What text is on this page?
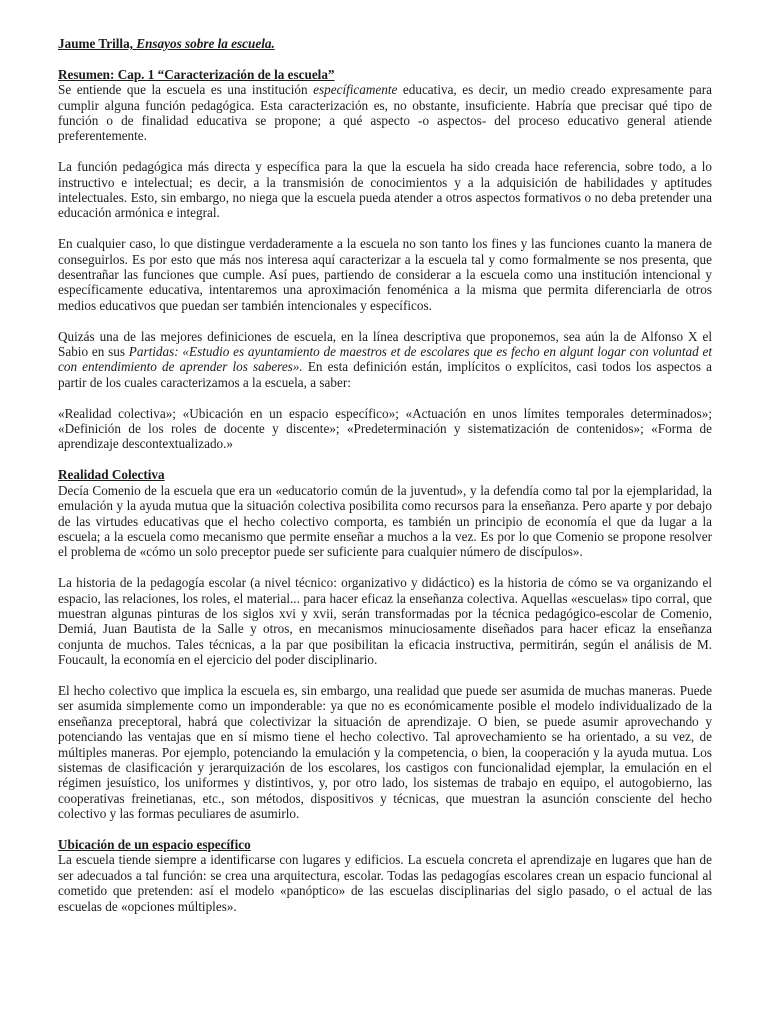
Jaume Trilla, Ensayos sobre la escuela.

Resumen: Cap. 1 “Caracterización de la escuela”

Se entiende que la escuela es una institución específicamente educativa, es decir, un medio creado expresamente para cumplir alguna función pedagógica. Esta caracterización es, no obstante, insuficiente. Habría que precisar qué tipo de función o de finalidad educativa se propone; a qué aspecto -o aspectos- del proceso educativo general atiende preferentemente.

La función pedagógica más directa y específica para la que la escuela ha sido creada hace referencia, sobre todo, a lo instructivo e intelectual; es decir, a la transmisión de conocimientos y a la adquisición de habilidades y aptitudes intelectuales. Esto, sin embargo, no niega que la escuela pueda atender a otros aspectos formativos o no deba pretender una educación armónica e integral.

En cualquier caso, lo que distingue verdaderamente a la escuela no son tanto los fines y las funciones cuanto la manera de conseguirlos. Es por esto que más nos interesa aquí caracterizar a la escuela tal y como formalmente se nos presenta, que desentrañar las funciones que cumple. Así pues, partiendo de considerar a la escuela como una institución intencional y específicamente educativa, intentaremos una aproximación fenoménica a la misma que permita diferenciarla de otros medios educativos que puedan ser también intencionales y específicos.

Quizás una de las mejores definiciones de escuela, en la línea descriptiva que proponemos, sea aún la de Alfonso X el Sabio en sus Partidas: «Estudio es ayuntamiento de maestros et de escolares que es fecho en algunt logar con voluntad et con entendimiento de aprender los saberes». En esta definición están, implícitos o explícitos, casi todos los aspectos a partir de los cuales caracterizamos a la escuela, a saber:

«Realidad colectiva»; «Ubicación en un espacio específico»; «Actuación en unos límites temporales determinados»; «Definición de los roles de docente y discente»; «Predeterminación y sistematización de contenidos»; «Forma de aprendizaje descontextualizado.»

Realidad Colectiva

Decía Comenio de la escuela que era un «educatorio común de la juventud», y la defendía como tal por la ejemplaridad, la emulación y la ayuda mutua que la situación colectiva posibilita como recursos para la enseñanza. Pero aparte y por debajo de las virtudes educativas que el hecho colectivo comporta, es también un principio de economía el que da lugar a la escuela; a la escuela como mecanismo que permite enseñar a muchos a la vez. Es por lo que Comenio se propone resolver el problema de «cómo un solo preceptor puede ser suficiente para cualquier número de discípulos».

La historia de la pedagogía escolar (a nivel técnico: organizativo y didáctico) es la historia de cómo se va organizando el espacio, las relaciones, los roles, el material... para hacer eficaz la enseñanza colectiva. Aquellas «escuelas» tipo corral, que muestran algunas pinturas de los siglos xvi y xvii, serán transformadas por la técnica pedagógico-escolar de Comenio, Demiá, Juan Bautista de la Salle y otros, en mecanismos minuciosamente diseñados para hacer eficaz la enseñanza conjunta de muchos. Tales técnicas, a la par que posibilitan la eficacia instructiva, permitirán, según el análisis de M. Foucault, la economía en el ejercicio del poder disciplinario.

El hecho colectivo que implica la escuela es, sin embargo, una realidad que puede ser asumida de muchas maneras. Puede ser asumida simplemente como un imponderable: ya que no es económicamente posible el modelo individualizado de la enseñanza preceptoral, habrá que colectivizar la situación de aprendizaje. O bien, se puede asumir aprovechando y potenciando las ventajas que en sí mismo tiene el hecho colectivo. Tal aprovechamiento se ha orientado, a su vez, de múltiples maneras. Por ejemplo, potenciando la emulación y la competencia, o bien, la cooperación y la ayuda mutua. Los sistemas de clasificación y jerarquización de los escolares, los castigos con funcionalidad ejemplar, la emulación en el régimen jesuístico, los uniformes y distintivos, y, por otro lado, los sistemas de trabajo en equipo, el autogobierno, las cooperativas freinetianas, etc., son métodos, dispositivos y técnicas, que muestran la asunción consciente del hecho colectivo y las formas peculiares de asumirlo.

Ubicación de un espacio específico

La escuela tiende siempre a identificarse con lugares y edificios. La escuela concreta el aprendizaje en lugares que han de ser adecuados a tal función: se crea una arquitectura, escolar. Todas las pedagogías escolares crean un espacio funcional al cometido que pretenden: así el modelo «panóptico» de las escuelas disciplinarias del siglo pasado, o el actual de las escuelas de «opciones múltiples».
